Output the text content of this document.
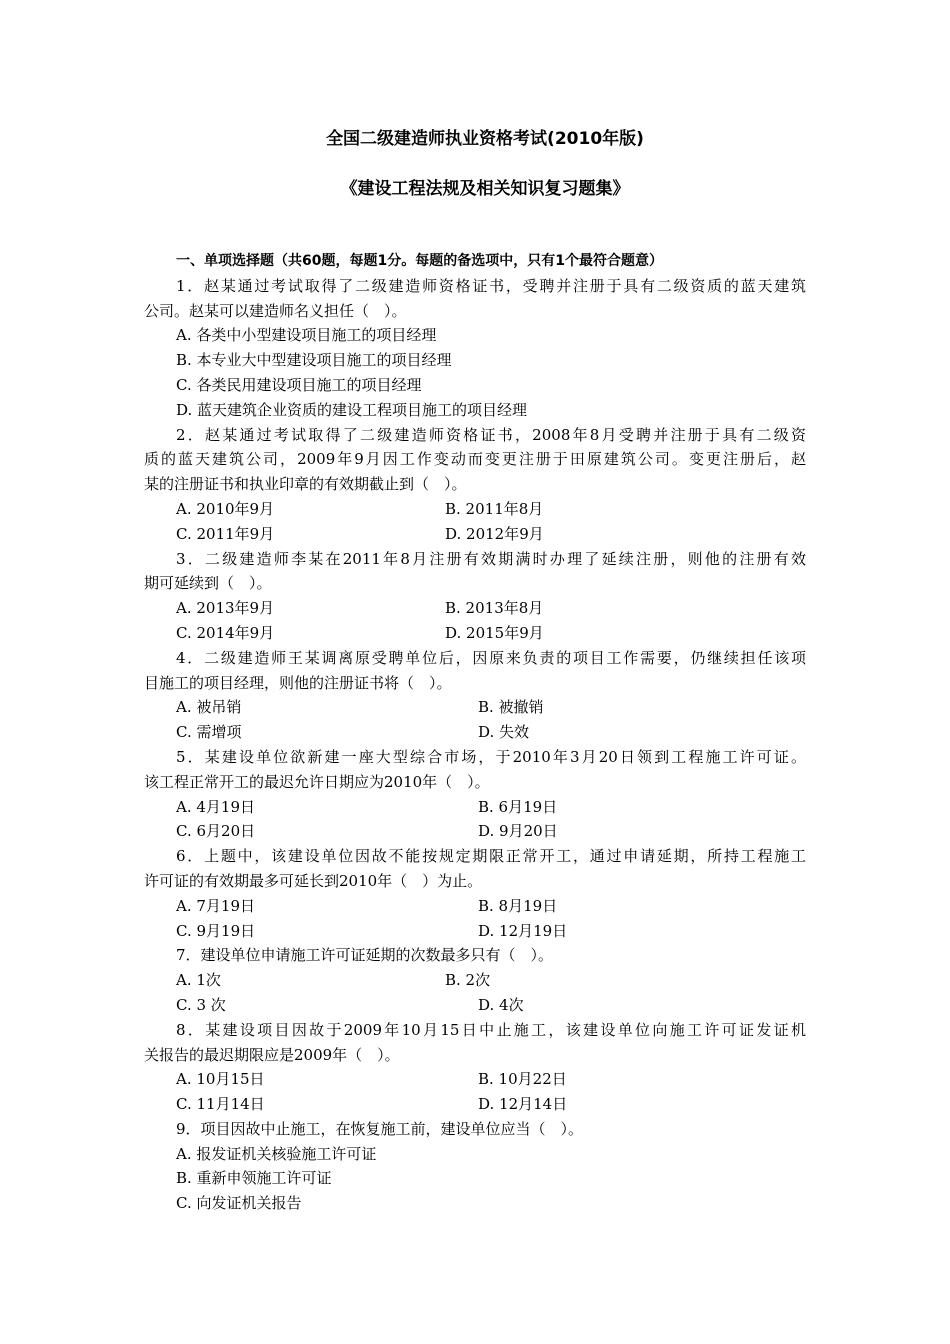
全国二级建造师执业资格考试(2010年版)
《建设工程法规及相关知识复习题集》
一、单项选择题（共60题，每题1分。每题的备选项中，只有1个最符合题意）
1．赵某通过考试取得了二级建造师资格证书，受聘并注册于具有二级资质的蓝天建筑
公司。赵某可以建造师名义担任（　）。
A. 各类中小型建设项目施工的项目经理
B. 本专业大中型建设项目施工的项目经理
C. 各类民用建设项目施工的项目经理
D. 蓝天建筑企业资质的建设工程项目施工的项目经理
2．赵某通过考试取得了二级建造师资格证书，2008年8月受聘并注册于具有二级资
质的蓝天建筑公司，2009年9月因工作变动而变更注册于田原建筑公司。变更注册后，赵
某的注册证书和执业印章的有效期截止到（　）。
A. 2010年9月	B. 2011年8月
C. 2011年9月	D. 2012年9月
3．二级建造师李某在2011年8月注册有效期满时办理了延续注册，则他的注册有效
期可延续到（　）。
A. 2013年9月	B. 2013年8月
C. 2014年9月	D. 2015年9月
4．二级建造师王某调离原受聘单位后，因原来负责的项目工作需要，仍继续担任该项
目施工的项目经理，则他的注册证书将（　）。
A. 被吊销	B. 被撤销
C. 需增项	D. 失效
5．某建设单位欲新建一座大型综合市场，于2010年3月20日领到工程施工许可证。
该工程正常开工的最迟允许日期应为2010年（　）。
A. 4月19日	B. 6月19日
C. 6月20日	D. 9月20日
6．上题中，该建设单位因故不能按规定期限正常开工，通过申请延期，所持工程施工
许可证的有效期最多可延长到2010年（　）为止。
A. 7月19日	B. 8月19日
C. 9月19日	D. 12月19日
7．建设单位申请施工许可证延期的次数最多只有（　）。
A. 1次	B. 2次
C. 3 次	D. 4次
8．某建设项目因故于2009年10月15日中止施工，该建设单位向施工许可证发证机
关报告的最迟期限应是2009年（　）。
A. 10月15日	B. 10月22日
C. 11月14日	D. 12月14日
9．项目因故中止施工，在恢复施工前，建设单位应当（　）。
A. 报发证机关核验施工许可证
B. 重新申领施工许可证
C. 向发证机关报告
